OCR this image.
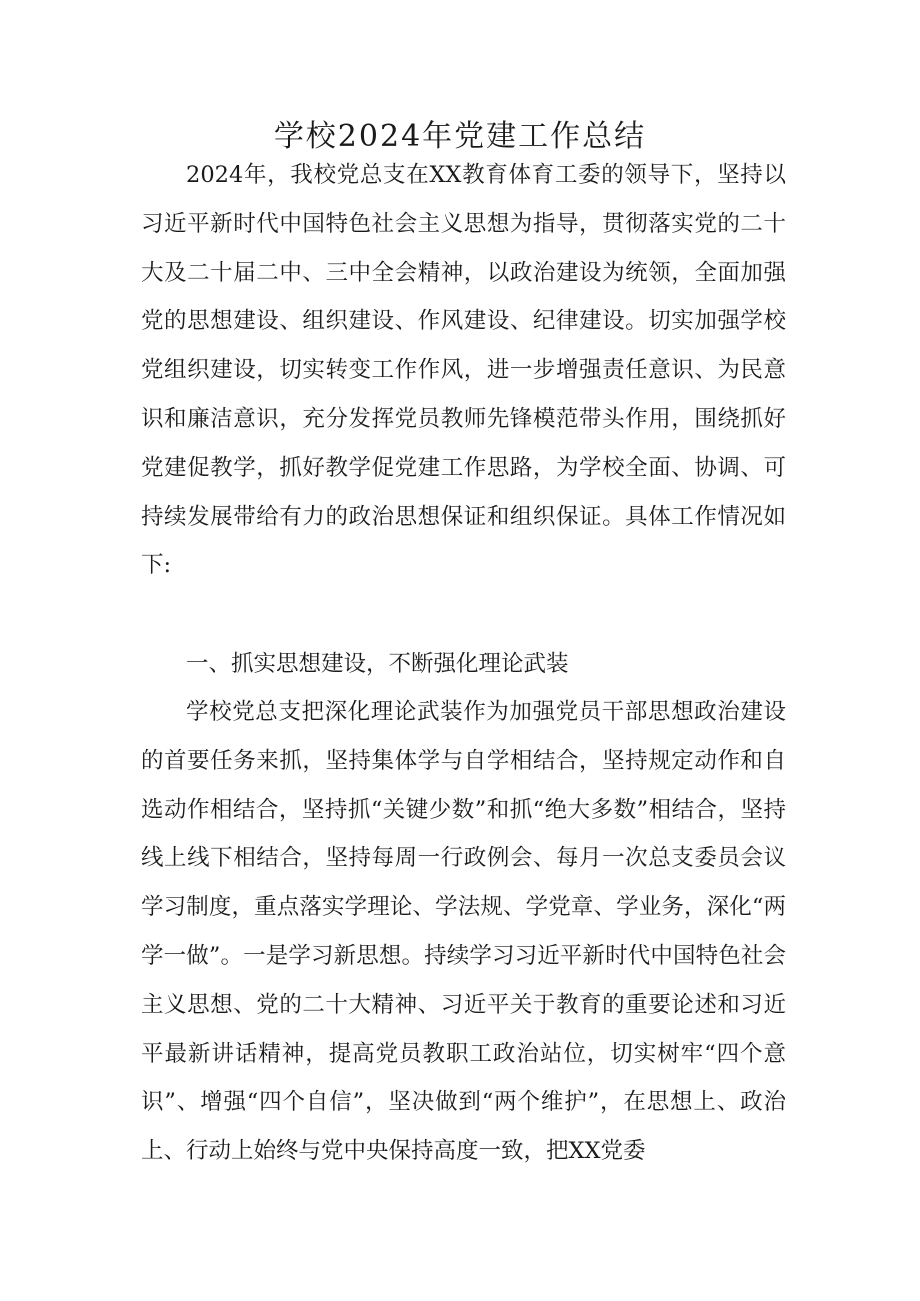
学校2024年党建工作总结

2024年，我校党总支在XX教育体育工委的领导下，坚持以习近平新时代中国特色社会主义思想为指导，贯彻落实党的二十大及二十届二中、三中全会精神，以政治建设为统领，全面加强党的思想建设、组织建设、作风建设、纪律建设。切实加强学校党组织建设，切实转变工作作风，进一步增强责任意识、为民意识和廉洁意识，充分发挥党员教师先锋模范带头作用，围绕抓好党建促教学，抓好教学促党建工作思路，为学校全面、协调、可持续发展带给有力的政治思想保证和组织保证。具体工作情况如下:

一、抓实思想建设，不断强化理论武装

学校党总支把深化理论武装作为加强党员干部思想政治建设的首要任务来抓，坚持集体学与自学相结合，坚持规定动作和自选动作相结合，坚持抓“关键少数”和抓“绝大多数”相结合，坚持线上线下相结合，坚持每周一行政例会、每月一次总支委员会议学习制度，重点落实学理论、学法规、学党章、学业务，深化“两学一做”。一是学习新思想。持续学习习近平新时代中国特色社会主义思想、党的二十大精神、习近平关于教育的重要论述和习近平最新讲话精神，提高党员教职工政治站位，切实树牢“四个意识”、增强“四个自信”，坚决做到“两个维护”，在思想上、政治上、行动上始终与党中央保持高度一致，把XX党委
